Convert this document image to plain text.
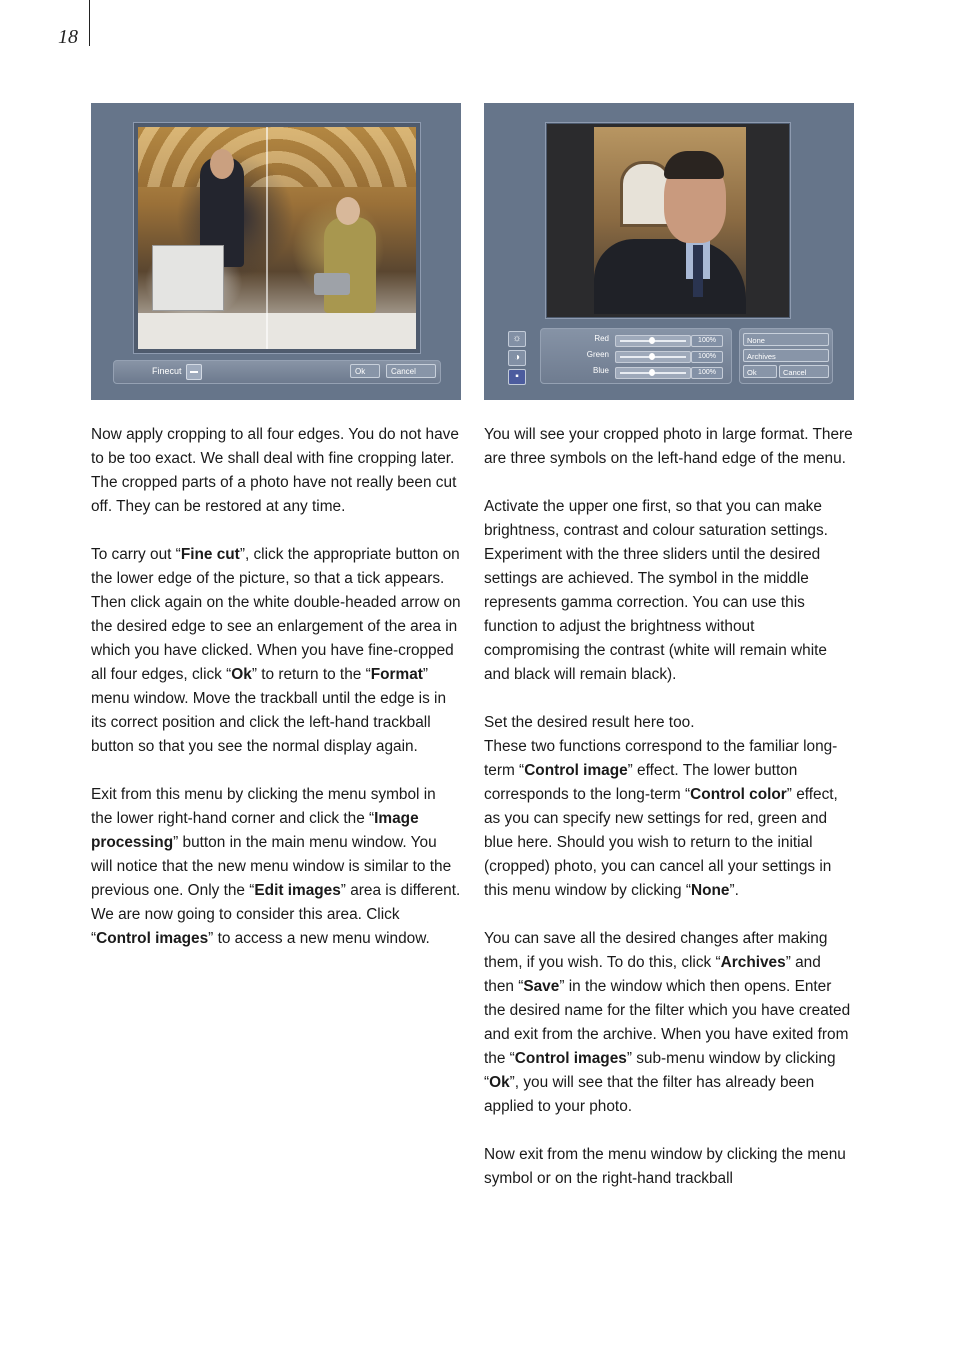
18
Finecut	Ok	Cancel
☼
◑
▪
Red	100%
Green	100%
Blue	100%
None
Archives
Ok	Cancel

Now apply cropping to all four edges. You do not have to be too exact. We shall deal with fine cropping later. The cropped parts of a photo have not really been cut off. They can be restored at any time.

To carry out “Fine cut”, click the appropriate button on the lower edge of the picture, so that a tick appears. Then click again on the white double-headed arrow on the desired edge to see an enlargement of the area in which you have clicked. When you have fine-cropped all four edges, click “Ok” to return to the “Format” menu window. Move the trackball until the edge is in its correct position and click the left-hand trackball button so that you see the normal display again.

Exit from this menu by clicking the menu symbol in the lower right-hand corner and click the “Image processing” button in the main menu window. You will notice that the new menu window is similar to the previous one. Only the “Edit images” area is different. We are now going to consider this area. Click “Control images” to access a new menu window.

You will see your cropped photo in large format. There are three symbols on the left-hand edge of the menu.

Activate the upper one first, so that you can make brightness, contrast and colour saturation settings. Experiment with the three sliders until the desired settings are achieved. The symbol in the middle represents gamma correction. You can use this function to adjust the brightness without compromising the contrast (white will remain white and black will remain black).

Set the desired result here too.
These two functions correspond to the familiar long-term “Control image” effect. The lower button corresponds to the long-term “Control color” effect, as you can specify new settings for red, green and blue here. Should you wish to return to the initial (cropped) photo, you can cancel all your settings in this menu window by clicking “None”.

You can save all the desired changes after making them, if you wish. To do this, click “Archives” and then “Save” in the window which then opens. Enter the desired name for the filter which you have created and exit from the archive. When you have exited from the “Control images” sub-menu window by clicking “Ok”, you will see that the filter has already been applied to your photo.

Now exit from the menu window by clicking the menu symbol or on the right-hand trackball
